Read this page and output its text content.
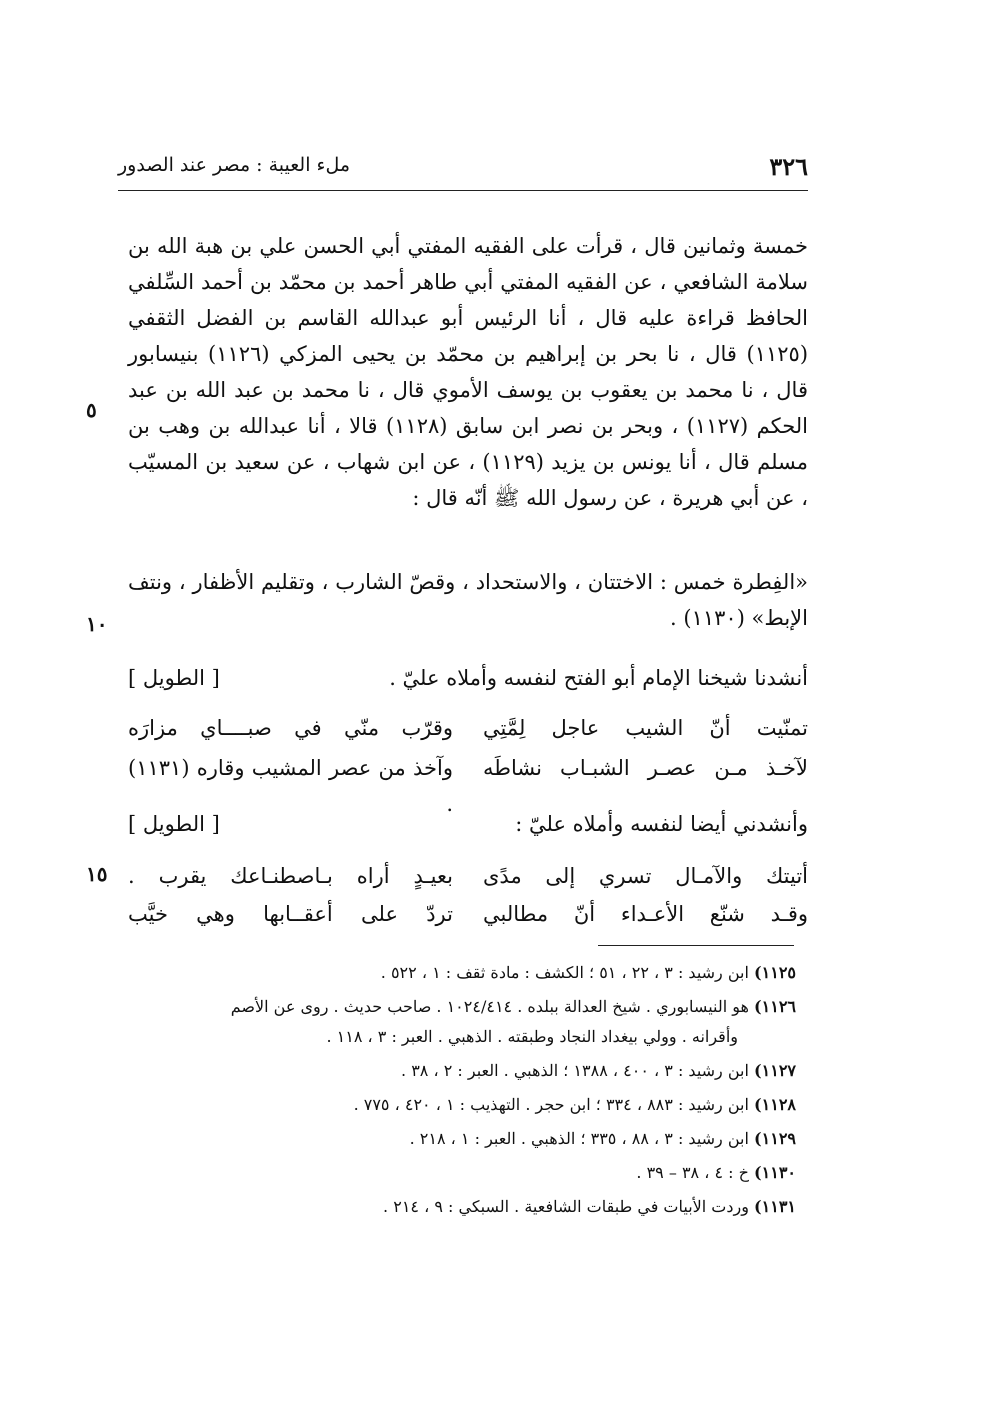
٣٢٦
ملء العيبة : مصر عند الصدور

خمسة وثمانين قال ، قرأت على الفقيه المفتي أبي الحسن علي بن هبة الله بن سلامة الشافعي ، عن الفقيه المفتي أبي طاهر أحمد بن محمّد بن أحمد السِّلفي الحافظ قراءة عليه قال ، أنا الرئيس أبو عبدالله القاسم بن الفضل الثقفي (١١٢٥) قال ، نا بحر بن إبراهيم بن محمّد بن يحيى المزكي (١١٢٦) بنيسابور قال ، نا محمد بن يعقوب بن يوسف الأموي قال ، نا محمد بن عبد الله بن عبد الحكم (١١٢٧) ، وبحر بن نصر ابن سابق (١١٢٨) قالا ، أنا عبدالله بن وهب بن مسلم قال ، أنا يونس بن يزيد (١١٢٩) ، عن ابن شهاب ، عن سعيد بن المسيّب ، عن أبي هريرة ، عن رسول الله ﷺ أنّه قال :

٥

«الفِطرة خمس : الاختتان ، والاستحداد ، وقصّ الشارب ، وتقليم الأظفار ، ونتف الإبط» (١١٣٠) .

١٠
أنشدنا شيخنا الإمام أبو الفتح لنفسه وأملاه عليّ .
[ الطويل ]
تمنّيت أنّ الشيب عاجل لِمَّتِي
وقرّب منّي في صبــــاي مزارَه
لآخـذ مـن عصـر الشبـاب نشاطَه
وآخذ من عصر المشيب وقاره (١١٣١) .
وأنشدني أيضا لنفسه وأملاه عليّ :
[ الطويل ]
أتيتك والآمـال تسري إلى مدًى
بعيـدٍ أراه بـاصطنـاعك يقرب .
وقـد شنّع الأعـداء أنّ مطالبي
تردّ على أعقــابها وهي خيَّب
١٥

١١٢٥) ابن رشيد : ٣ ، ٢٢ ، ٥١ ؛ الكشف : مادة ثقف : ١ ، ٥٢٢ .

١١٢٦) هو النيسابوري . شيخ العدالة ببلده . ١٠٢٤/٤١٤ . صاحب حديث . روى عن الأصم
وأقرانه . وولي بيغداد النجاد وطبقته . الذهبي . العبر : ٣ ، ١١٨ .

١١٢٧) ابن رشيد : ٣ ، ٤٠٠ ، ١٣٨٨ ؛ الذهبي . العبر : ٢ ، ٣٨ .

١١٢٨) ابن رشيد : ٨٨٣ ، ٣٣٤ ؛ ابن حجر . التهذيب : ١ ، ٤٢٠ ، ٧٧٥ .

١١٢٩) ابن رشيد : ٣ ، ٨٨ ، ٣٣٥ ؛ الذهبي . العبر : ١ ، ٢١٨ .

١١٣٠) خ : ٤ ، ٣٨ – ٣٩ .

١١٣١) وردت الأبيات في طبقات الشافعية . السبكي : ٩ ، ٢١٤ .
